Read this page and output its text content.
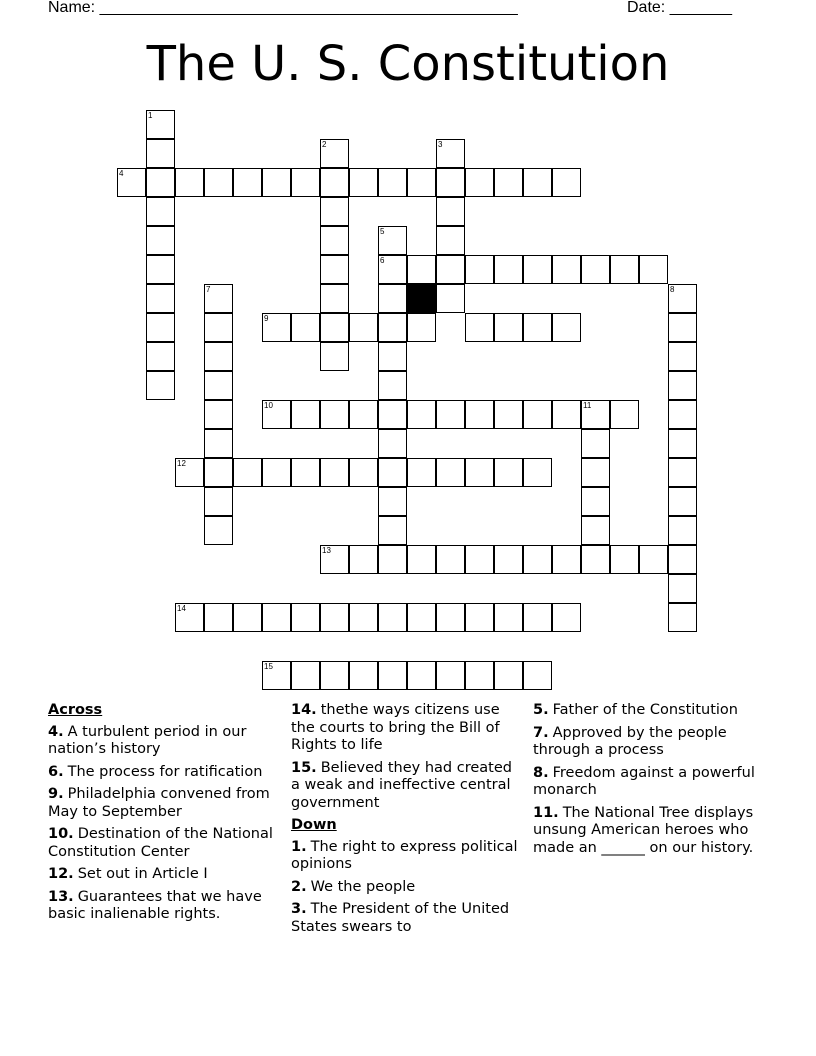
Name: _______________________________________________	Date: _______
The U. S. Constitution
1
2	3
4
5
6
7	8
9
10	11
12
13
14
15
Across
4. A turbulent period in our nation’s history
6. The process for ratification
9. Philadelphia convened from May to September
10. Destination of the National Constitution Center
12. Set out in Article I
13. Guarantees that we have basic inalienable rights.
14. thethe ways citizens use the courts to bring the Bill of Rights to life
15. Believed they had created a weak and ineffective central government
Down
1. The right to express political opinions
2. We the people
3. The President of the United States swears to
5. Father of the Constitution
7. Approved by the people through a process
8. Freedom against a powerful monarch
11. The National Tree displays unsung American heroes who made an ______ on our history.
